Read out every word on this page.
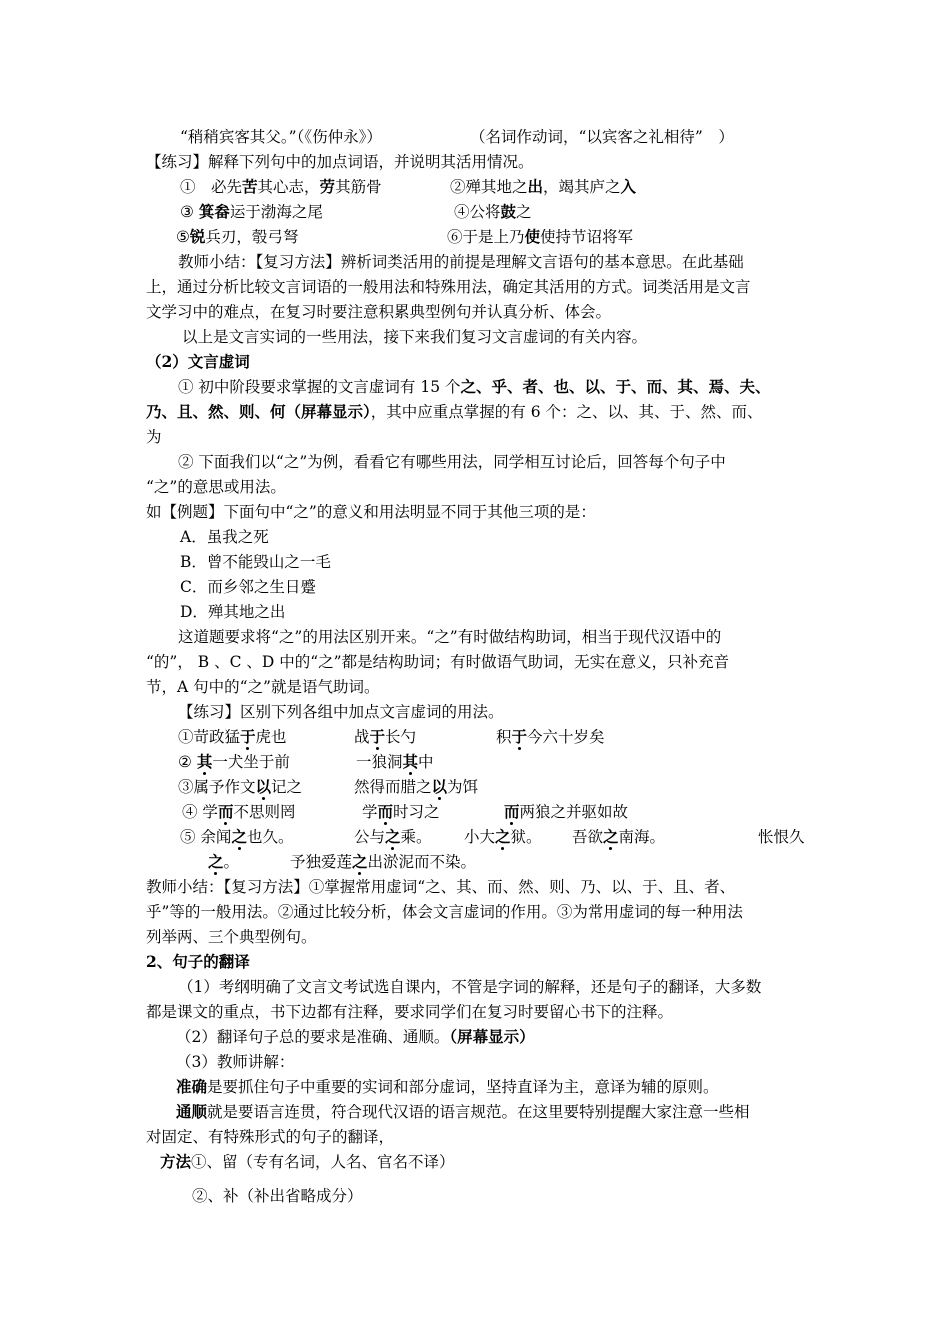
“稍稍宾客其父。”（《伤仲永》）	（名词作动词，“以宾客之礼相待”　）
【练习】解释下列句中的加点词语，并说明其活用情况。
①　必先苦其心志，劳其筋骨	②殚其地之出，竭其庐之入
③ 箕畚运于渤海之尾	④公将鼓之
⑤锐兵刃，彀弓弩	⑥于是上乃使使持节诏将军
教师小结：【复习方法】辨析词类活用的前提是理解文言语句的基本意思。在此基础
上，通过分析比较文言词语的一般用法和特殊用法，确定其活用的方式。词类活用是文言
文学习中的难点，在复习时要注意积累典型例句并认真分析、体会。
以上是文言实词的一些用法，接下来我们复习文言虚词的有关内容。
（2）文言虚词
① 初中阶段要求掌握的文言虚词有 15 个之、乎、者、也、以、于、而、其、焉、夫、
乃、且、然、则、何（屏幕显示），其中应重点掌握的有 6 个：之、以、其、于、然、而、
为
② 下面我们以“之”为例，看看它有哪些用法，同学相互讨论后，回答每个句子中
“之”的意思或用法。
如【例题】下面句中“之”的意义和用法明显不同于其他三项的是：
A．虽我之死
B．曾不能毁山之一毛
C．而乡邻之生日蹙
D．殚其地之出
这道题要求将“之”的用法区别开来。“之”有时做结构助词，相当于现代汉语中的
“的”， B 、C 、D 中的“之”都是结构助词；有时做语气助词，无实在意义，只补充音
节，A 句中的“之”就是语气助词。
【练习】区别下列各组中加点文言虚词的用法。
①苛政猛于虎也	战于长勺	积于今六十岁矣
② 其一犬坐于前	一狼洞其中
③属予作文以记之	然得而腊之以为饵
④ 学而不思则罔	学而时习之	而两狼之并驱如故
⑤ 余闻之也久。	公与之乘。 小大之狱。 吾欲之南海。	怅恨久
之。	予独爱莲之出淤泥而不染。
教师小结：【复习方法】①掌握常用虚词“之、其、而、然、则、乃、以、于、且、者、
乎”等的一般用法。②通过比较分析，体会文言虚词的作用。③为常用虚词的每一种用法
列举两、三个典型例句。
2、句子的翻译
（1）考纲明确了文言文考试选自课内，不管是字词的解释，还是句子的翻译，大多数
都是课文的重点，书下边都有注释，要求同学们在复习时要留心书下的注释。
（2）翻译句子总的要求是准确、通顺。（屏幕显示）
（3）教师讲解：
准确是要抓住句子中重要的实词和部分虚词，坚持直译为主，意译为辅的原则。
通顺就是要语言连贯，符合现代汉语的语言规范。在这里要特别提醒大家注意一些相
对固定、有特殊形式的句子的翻译，
方法①、留（专有名词，人名、官名不译）
②、补（补出省略成分）
